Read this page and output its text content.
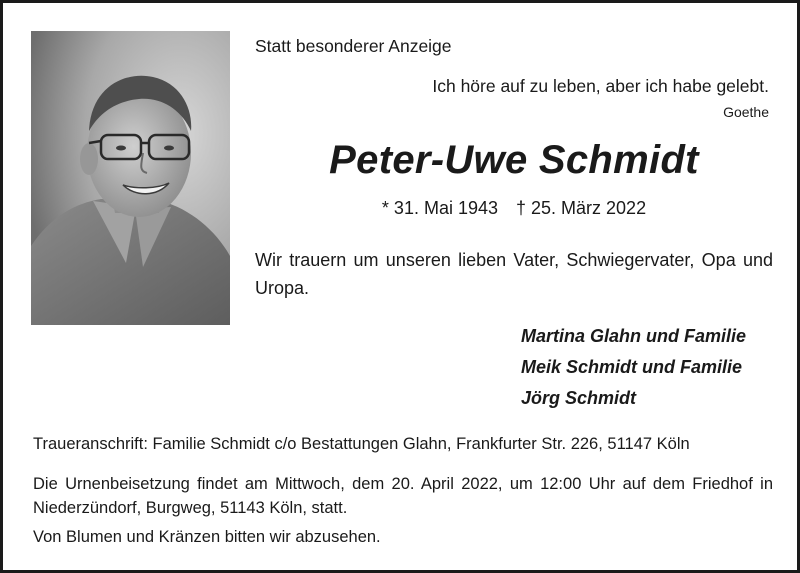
Statt besonderer Anzeige
Ich höre auf zu leben, aber ich habe gelebt.
Goethe
Peter-Uwe Schmidt
* 31. Mai 1943 † 25. März 2022
Wir trauern um unseren lieben Vater, Schwiegervater, Opa und Uropa.
Martina Glahn und Familie
Meik Schmidt und Familie
Jörg Schmidt
Traueranschrift: Familie Schmidt c/o Bestattungen Glahn, Frankfurter Str. 226, 51147 Köln
Die Urnenbeisetzung findet am Mittwoch, dem 20. April 2022, um 12:00 Uhr auf dem Friedhof in Niederzündorf, Burgweg, 51143 Köln, statt.
Von Blumen und Kränzen bitten wir abzusehen.
